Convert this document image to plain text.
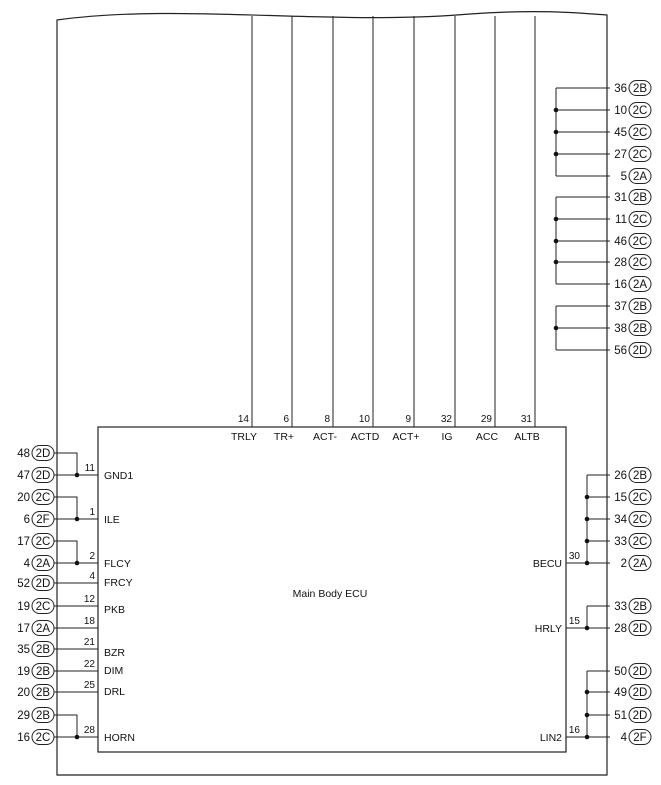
Main Body ECU
14
TRLY
6
TR+
8
ACT-
10
ACTD
9
ACT+
32
IG
29
ACC
31
ALTB
48 2D
47 2D
11
GND1
20 2C
6 2F
1
ILE
17 2C
4 2A
2
FLCY
52 2D
4
FRCY
19 2C
12
PKB
17 2A
18
35 2B
21
BZR
19 2B
22
DIM
20 2B
25
DRL
29 2B
16 2C
28
HORN
26 2B
15 2C
34 2C
33 2C
2 2A
30
BECU
33 2B
28 2D
15
HRLY
50 2D
49 2D
51 2D
4 2F
16
LIN2
36 2B
10 2C
45 2C
27 2C
5 2A
31 2B
11 2C
46 2C
28 2C
16 2A
37 2B
38 2B
56 2D
